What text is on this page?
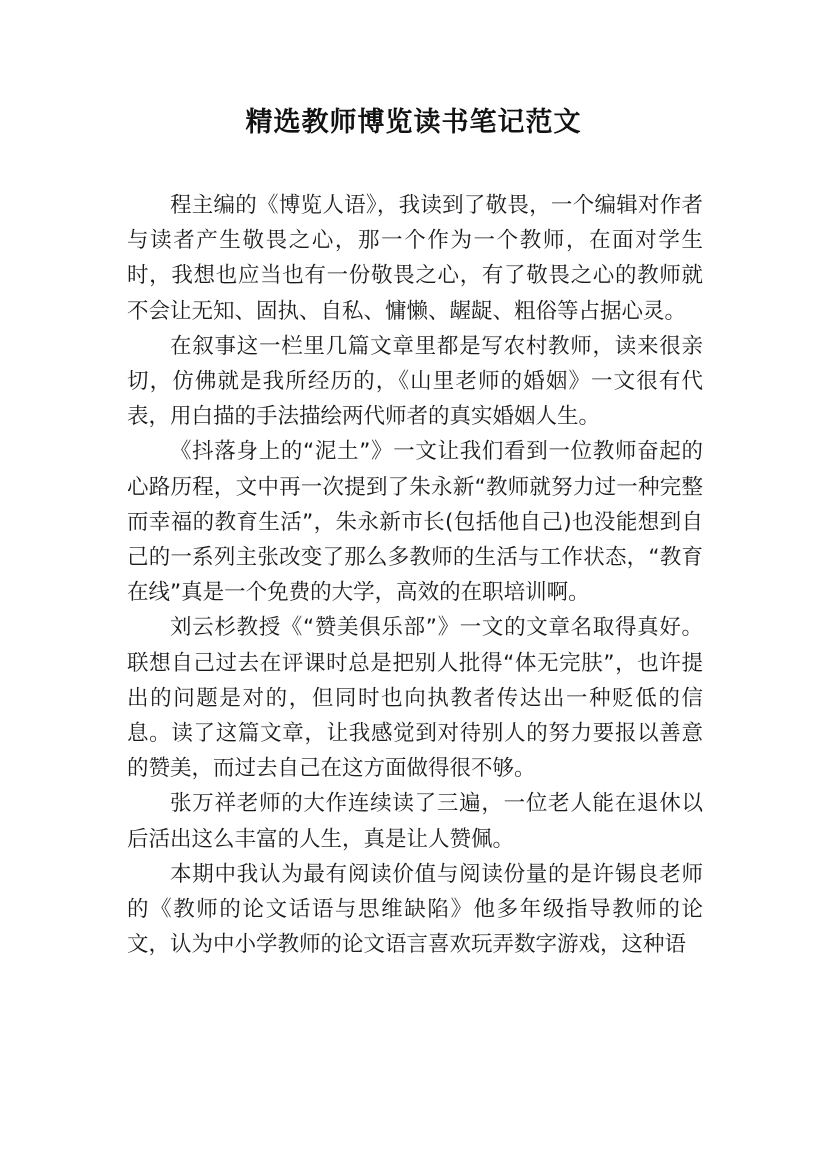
精选教师博览读书笔记范文

程主编的《博览人语》，我读到了敬畏，一个编辑对作者与读者产生敬畏之心，那一个作为一个教师，在面对学生时，我想也应当也有一份敬畏之心，有了敬畏之心的教师就不会让无知、固执、自私、慵懒、龌龊、粗俗等占据心灵。

在叙事这一栏里几篇文章里都是写农村教师，读来很亲切，仿佛就是我所经历的，《山里老师的婚姻》一文很有代表，用白描的手法描绘两代师者的真实婚姻人生。

《抖落身上的“泥土”》一文让我们看到一位教师奋起的心路历程，文中再一次提到了朱永新“教师就努力过一种完整而幸福的教育生活”，朱永新市长(包括他自己)也没能想到自己的一系列主张改变了那么多教师的生活与工作状态，“教育在线”真是一个免费的大学，高效的在职培训啊。

刘云杉教授《“赞美俱乐部”》一文的文章名取得真好。联想自己过去在评课时总是把别人批得“体无完肤”，也许提出的问题是对的，但同时也向执教者传达出一种贬低的信息。读了这篇文章，让我感觉到对待别人的努力要报以善意的赞美，而过去自己在这方面做得很不够。

张万祥老师的大作连续读了三遍，一位老人能在退休以后活出这么丰富的人生，真是让人赞佩。

本期中我认为最有阅读价值与阅读份量的是许锡良老师的《教师的论文话语与思维缺陷》他多年级指导教师的论文，认为中小学教师的论文语言喜欢玩弄数字游戏，这种语
